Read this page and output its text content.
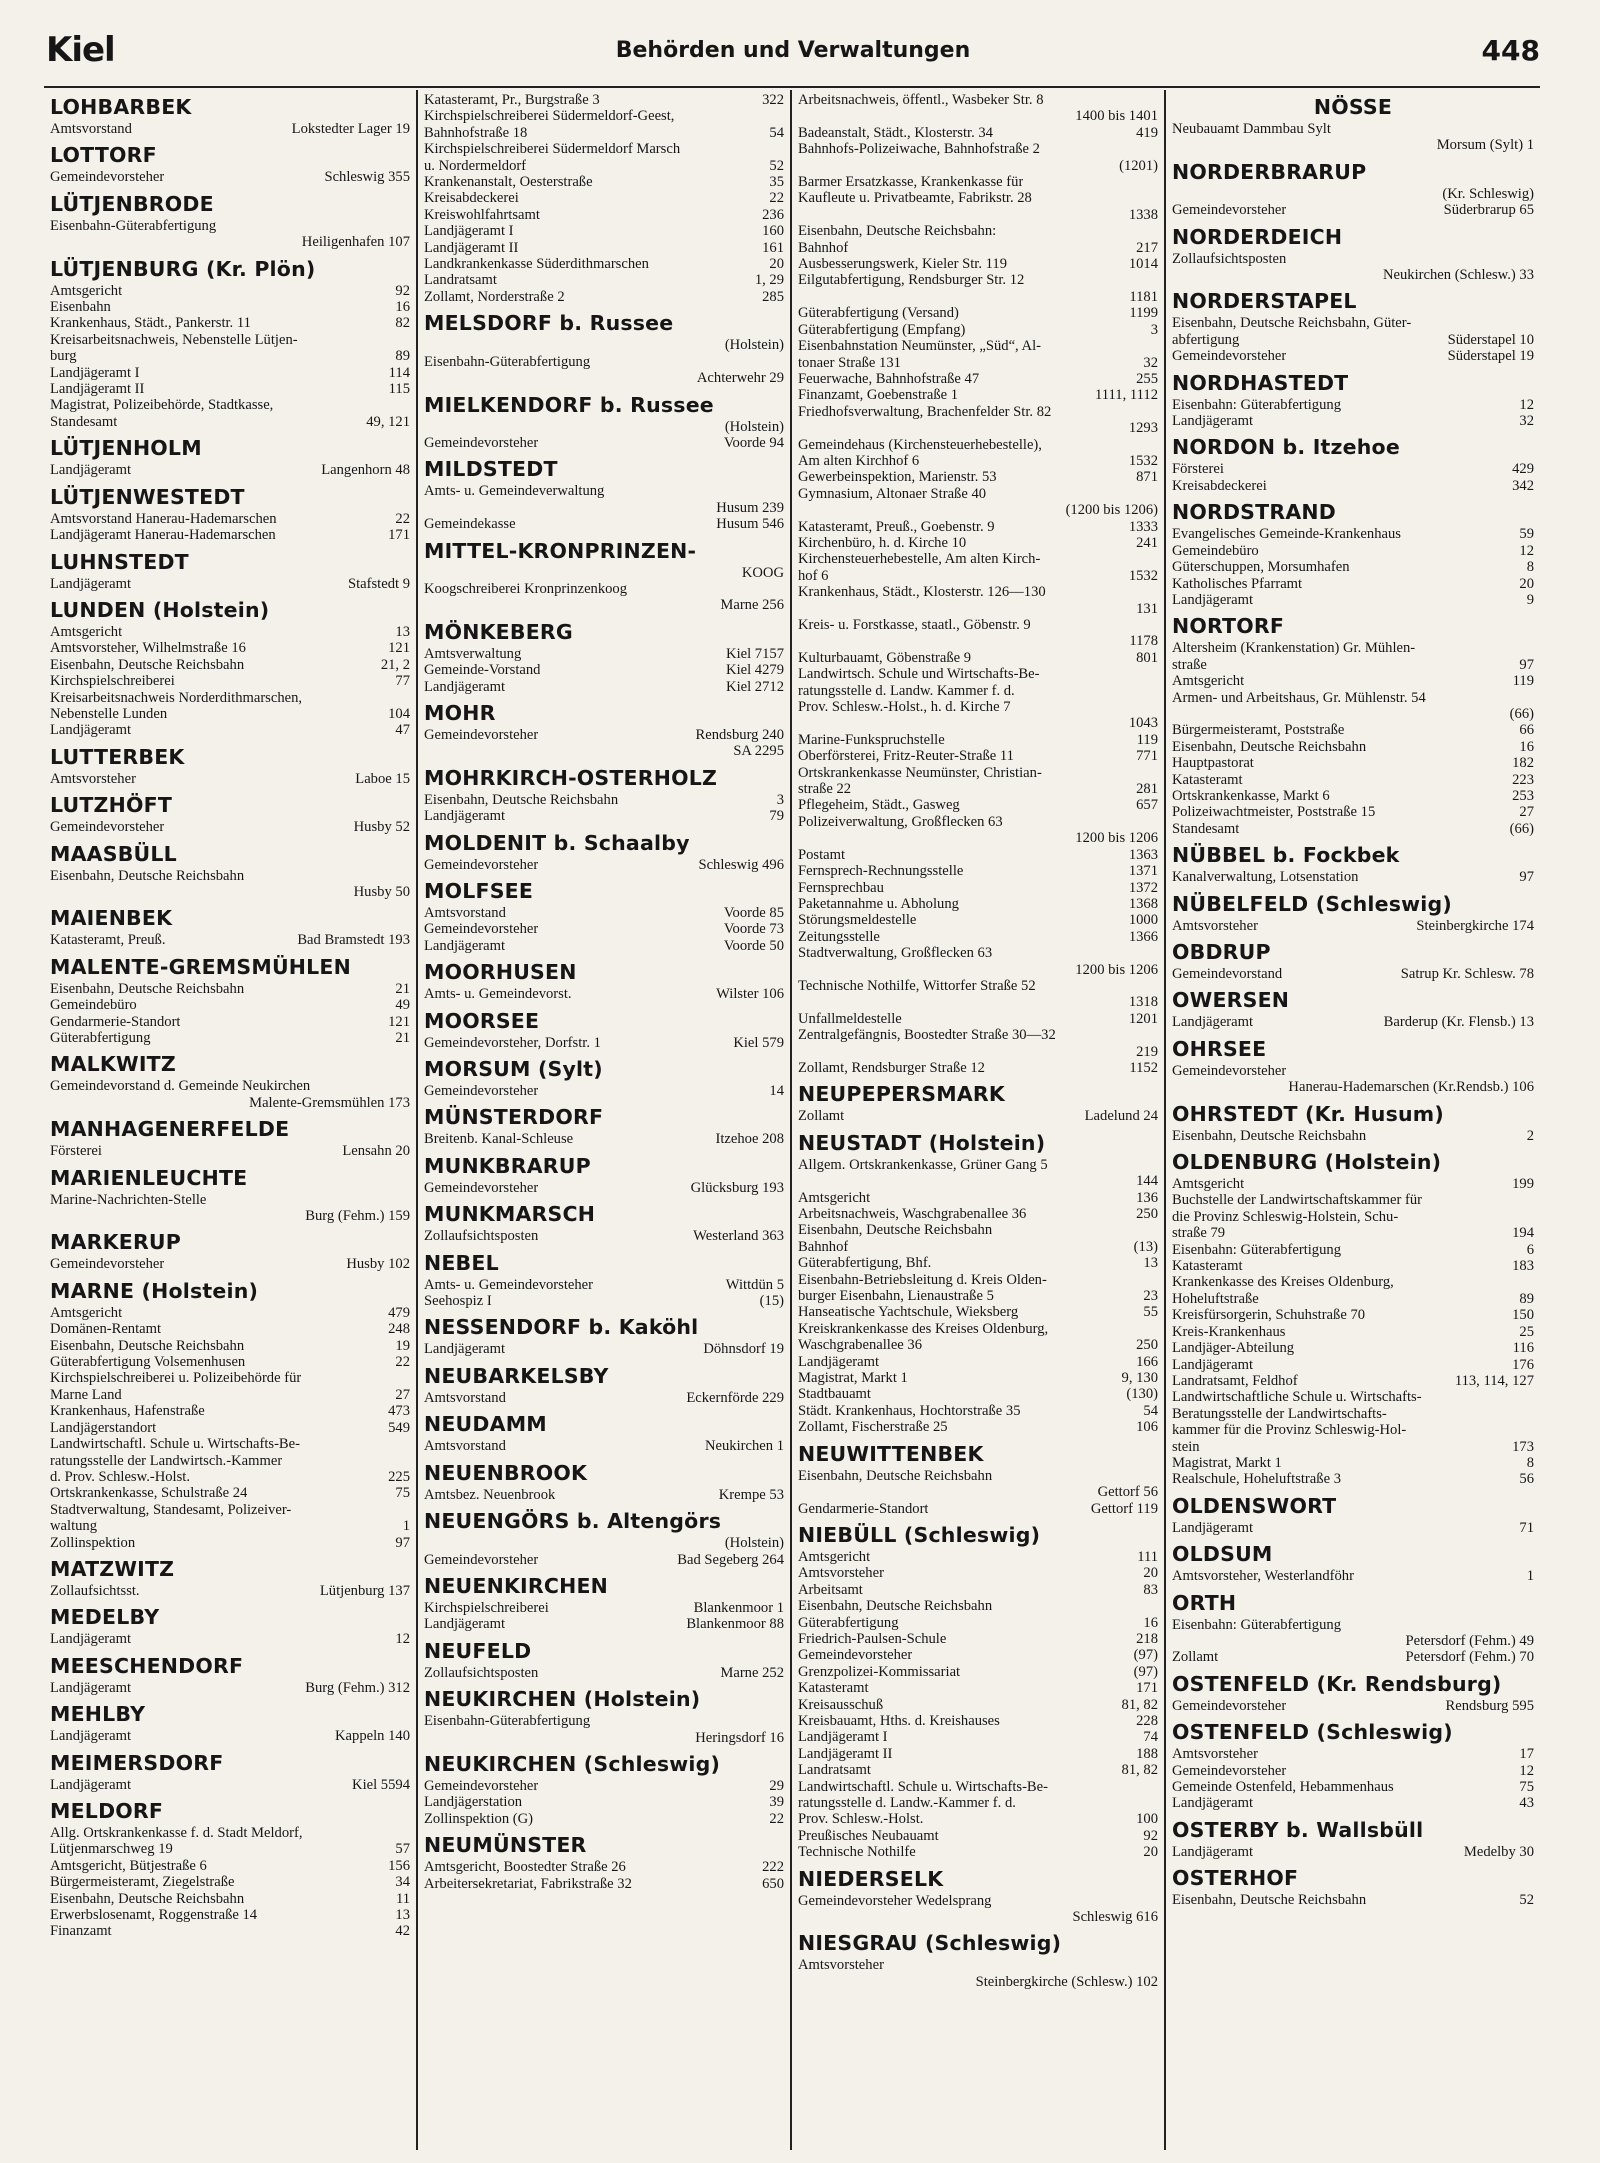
Kiel	Behörden und Verwaltungen	448
LOHBARBEK
Amtsvorstand	Lokstedter Lager 19
LOTTORF
Gemeindevorsteher	Schleswig 355
LÜTJENBRODE
Eisenbahn-Güterabfertigung
Heiligenhafen 107
LÜTJENBURG (Kr. Plön)
Amtsgericht	92
Eisenbahn	16
Krankenhaus, Städt., Pankerstr. 11	82
Kreisarbeitsnachweis, Nebenstelle Lütjen-
burg	89
Landjägeramt I	114
Landjägeramt II	115
Magistrat, Polizeibehörde, Stadtkasse,
Standesamt	49, 121
LÜTJENHOLM
Landjägeramt	Langenhorn 48
LÜTJENWESTEDT
Amtsvorstand Hanerau-Hademarschen	22
Landjägeramt Hanerau-Hademarschen	171
LUHNSTEDT
Landjägeramt	Stafstedt 9
LUNDEN (Holstein)
Amtsgericht	13
Amtsvorsteher, Wilhelmstraße 16	121
Eisenbahn, Deutsche Reichsbahn	21, 2
Kirchspielschreiberei	77
Kreisarbeitsnachweis Norderdithmarschen,
Nebenstelle Lunden	104
Landjägeramt	47
LUTTERBEK
Amtsvorsteher	Laboe 15
LUTZHÖFT
Gemeindevorsteher	Husby 52
MAASBÜLL
Eisenbahn, Deutsche Reichsbahn
Husby 50
MAIENBEK
Katasteramt, Preuß.	Bad Bramstedt 193
MALENTE-GREMSMÜHLEN
Eisenbahn, Deutsche Reichsbahn	21
Gemeindebüro	49
Gendarmerie-Standort	121
Güterabfertigung	21
MALKWITZ
Gemeindevorstand d. Gemeinde Neukirchen
Malente-Gremsmühlen 173
MANHAGENERFELDE
Försterei	Lensahn 20
MARIENLEUCHTE
Marine-Nachrichten-Stelle
Burg (Fehm.) 159
MARKERUP
Gemeindevorsteher	Husby 102
MARNE (Holstein)
Amtsgericht	479
Domänen-Rentamt	248
Eisenbahn, Deutsche Reichsbahn	19
Güterabfertigung Volsemenhusen	22
Kirchspielschreiberei u. Polizeibehörde für
Marne Land	27
Krankenhaus, Hafenstraße	473
Landjägerstandort	549
Landwirtschaftl. Schule u. Wirtschafts-Be-
ratungsstelle der Landwirtsch.-Kammer
d. Prov. Schlesw.-Holst.	225
Ortskrankenkasse, Schulstraße 24	75
Stadtverwaltung, Standesamt, Polizeiver-
waltung	1
Zollinspektion	97
MATZWITZ
Zollaufsichtsst.	Lütjenburg 137
MEDELBY
Landjägeramt	12
MEESCHENDORF
Landjägeramt	Burg (Fehm.) 312
MEHLBY
Landjägeramt	Kappeln 140
MEIMERSDORF
Landjägeramt	Kiel 5594
MELDORF
Allg. Ortskrankenkasse f. d. Stadt Meldorf,
Lütjenmarschweg 19	57
Amtsgericht, Bütjestraße 6	156
Bürgermeisteramt, Ziegelstraße	34
Eisenbahn, Deutsche Reichsbahn	11
Erwerbslosenamt, Roggenstraße 14	13
Finanzamt	42
Katasteramt, Pr., Burgstraße 3	322
Kirchspielschreiberei Südermeldorf-Geest,
Bahnhofstraße 18	54
Kirchspielschreiberei Südermeldorf Marsch
u. Nordermeldorf	52
Krankenanstalt, Oesterstraße	35
Kreisabdeckerei	22
Kreiswohlfahrtsamt	236
Landjägeramt I	160
Landjägeramt II	161
Landkrankenkasse Süderdithmarschen	20
Landratsamt	1, 29
Zollamt, Norderstraße 2	285
MELSDORF b. Russee
(Holstein)
Eisenbahn-Güterabfertigung
Achterwehr 29
MIELKENDORF b. Russee
(Holstein)
Gemeindevorsteher	Voorde 94
MILDSTEDT
Amts- u. Gemeindeverwaltung
Husum 239
Gemeindekasse	Husum 546
MITTEL-KRONPRINZEN-
KOOG
Koogschreiberei Kronprinzenkoog
Marne 256
MÖNKEBERG
Amtsverwaltung	Kiel 7157
Gemeinde-Vorstand	Kiel 4279
Landjägeramt	Kiel 2712
MOHR
Gemeindevorsteher	Rendsburg 240
SA 2295
MOHRKIRCH-OSTERHOLZ
Eisenbahn, Deutsche Reichsbahn	3
Landjägeramt	79
MOLDENIT b. Schaalby
Gemeindevorsteher	Schleswig 496
MOLFSEE
Amtsvorstand	Voorde 85
Gemeindevorsteher	Voorde 73
Landjägeramt	Voorde 50
MOORHUSEN
Amts- u. Gemeindevorst.	Wilster 106
MOORSEE
Gemeindevorsteher, Dorfstr. 1	Kiel 579
MORSUM (Sylt)
Gemeindevorsteher	14
MÜNSTERDORF
Breitenb. Kanal-Schleuse	Itzehoe 208
MUNKBRARUP
Gemeindevorsteher	Glücksburg 193
MUNKMARSCH
Zollaufsichtsposten	Westerland 363
NEBEL
Amts- u. Gemeindevorsteher	Wittdün 5
Seehospiz I	(15)
NESSENDORF b. Kaköhl
Landjägeramt	Döhnsdorf 19
NEUBARKELSBY
Amtsvorstand	Eckernförde 229
NEUDAMM
Amtsvorstand	Neukirchen 1
NEUENBROOK
Amtsbez. Neuenbrook	Krempe 53
NEUENGÖRS b. Altengörs
(Holstein)
Gemeindevorsteher	Bad Segeberg 264
NEUENKIRCHEN
Kirchspielschreiberei	Blankenmoor 1
Landjägeramt	Blankenmoor 88
NEUFELD
Zollaufsichtsposten	Marne 252
NEUKIRCHEN (Holstein)
Eisenbahn-Güterabfertigung
Heringsdorf 16
NEUKIRCHEN (Schleswig)
Gemeindevorsteher	29
Landjägerstation	39
Zollinspektion (G)	22
NEUMÜNSTER
Amtsgericht, Boostedter Straße 26	222
Arbeitersekretariat, Fabrikstraße 32	650
Arbeitsnachweis, öffentl., Wasbeker Str. 8
1400 bis 1401
Badeanstalt, Städt., Klosterstr. 34	419
Bahnhofs-Polizeiwache, Bahnhofstraße 2
(1201)
Barmer Ersatzkasse, Krankenkasse für
Kaufleute u. Privatbeamte, Fabrikstr. 28
1338
Eisenbahn, Deutsche Reichsbahn:
Bahnhof	217
Ausbesserungswerk, Kieler Str. 119	1014
Eilgutabfertigung, Rendsburger Str. 12
1181
Güterabfertigung (Versand)	1199
Güterabfertigung (Empfang)	3
Eisenbahnstation Neumünster, „Süd“, Al-
tonaer Straße 131	32
Feuerwache, Bahnhofstraße 47	255
Finanzamt, Goebenstraße 1	1111, 1112
Friedhofsverwaltung, Brachenfelder Str. 82
1293
Gemeindehaus (Kirchensteuerhebestelle),
Am alten Kirchhof 6	1532
Gewerbeinspektion, Marienstr. 53	871
Gymnasium, Altonaer Straße 40
(1200 bis 1206)
Katasteramt, Preuß., Goebenstr. 9	1333
Kirchenbüro, h. d. Kirche 10	241
Kirchensteuerhebestelle, Am alten Kirch-
hof 6	1532
Krankenhaus, Städt., Klosterstr. 126—130
131
Kreis- u. Forstkasse, staatl., Göbenstr. 9
1178
Kulturbauamt, Göbenstraße 9	801
Landwirtsch. Schule und Wirtschafts-Be-
ratungsstelle d. Landw. Kammer f. d.
Prov. Schlesw.-Holst., h. d. Kirche 7
1043
Marine-Funkspruchstelle	119
Oberförsterei, Fritz-Reuter-Straße 11	771
Ortskrankenkasse Neumünster, Christian-
straße 22	281
Pflegeheim, Städt., Gasweg	657
Polizeiverwaltung, Großflecken 63
1200 bis 1206
Postamt	1363
Fernsprech-Rechnungsstelle	1371
Fernsprechbau	1372
Paketannahme u. Abholung	1368
Störungsmeldestelle	1000
Zeitungsstelle	1366
Stadtverwaltung, Großflecken 63
1200 bis 1206
Technische Nothilfe, Wittorfer Straße 52
1318
Unfallmeldestelle	1201
Zentralgefängnis, Boostedter Straße 30—32
219
Zollamt, Rendsburger Straße 12	1152
NEUPEPERSMARK
Zollamt	Ladelund 24
NEUSTADT (Holstein)
Allgem. Ortskrankenkasse, Grüner Gang 5
144
Amtsgericht	136
Arbeitsnachweis, Waschgrabenallee 36	250
Eisenbahn, Deutsche Reichsbahn
Bahnhof	(13)
Güterabfertigung, Bhf.	13
Eisenbahn-Betriebsleitung d. Kreis Olden-
burger Eisenbahn, Lienaustraße 5	23
Hanseatische Yachtschule, Wieksberg	55
Kreiskrankenkasse des Kreises Oldenburg,
Waschgrabenallee 36	250
Landjägeramt	166
Magistrat, Markt 1	9, 130
Stadtbauamt	(130)
Städt. Krankenhaus, Hochtorstraße 35	54
Zollamt, Fischerstraße 25	106
NEUWITTENBEK
Eisenbahn, Deutsche Reichsbahn
Gettorf 56
Gendarmerie-Standort	Gettorf 119
NIEBÜLL (Schleswig)
Amtsgericht	111
Amtsvorsteher	20
Arbeitsamt	83
Eisenbahn, Deutsche Reichsbahn
Güterabfertigung	16
Friedrich-Paulsen-Schule	218
Gemeindevorsteher	(97)
Grenzpolizei-Kommissariat	(97)
Katasteramt	171
Kreisausschuß	81, 82
Kreisbauamt, Hths. d. Kreishauses	228
Landjägeramt I	74
Landjägeramt II	188
Landratsamt	81, 82
Landwirtschaftl. Schule u. Wirtschafts-Be-
ratungsstelle d. Landw.-Kammer f. d.
Prov. Schlesw.-Holst.	100
Preußisches Neubauamt	92
Technische Nothilfe	20
NIEDERSELK
Gemeindevorsteher Wedelsprang
Schleswig 616
NIESGRAU (Schleswig)
Amtsvorsteher
Steinbergkirche (Schlesw.) 102
NÖSSE
Neubauamt Dammbau Sylt
Morsum (Sylt) 1
NORDERBRARUP
(Kr. Schleswig)
Gemeindevorsteher	Süderbrarup 65
NORDERDEICH
Zollaufsichtsposten
Neukirchen (Schlesw.) 33
NORDERSTAPEL
Eisenbahn, Deutsche Reichsbahn, Güter-
abfertigung	Süderstapel 10
Gemeindevorsteher	Süderstapel 19
NORDHASTEDT
Eisenbahn: Güterabfertigung	12
Landjägeramt	32
NORDON b. Itzehoe
Försterei	429
Kreisabdeckerei	342
NORDSTRAND
Evangelisches Gemeinde-Krankenhaus	59
Gemeindebüro	12
Güterschuppen, Morsumhafen	8
Katholisches Pfarramt	20
Landjägeramt	9
NORTORF
Altersheim (Krankenstation) Gr. Mühlen-
straße	97
Amtsgericht	119
Armen- und Arbeitshaus, Gr. Mühlenstr. 54
(66)
Bürgermeisteramt, Poststraße	66
Eisenbahn, Deutsche Reichsbahn	16
Hauptpastorat	182
Katasteramt	223
Ortskrankenkasse, Markt 6	253
Polizeiwachtmeister, Poststraße 15	27
Standesamt	(66)
NÜBBEL b. Fockbek
Kanalverwaltung, Lotsenstation	97
NÜBELFELD (Schleswig)
Amtsvorsteher	Steinbergkirche 174
OBDRUP
Gemeindevorstand	Satrup Kr. Schlesw. 78
OWERSEN
Landjägeramt	Barderup (Kr. Flensb.) 13
OHRSEE
Gemeindevorsteher
Hanerau-Hademarschen (Kr.Rendsb.) 106
OHRSTEDT (Kr. Husum)
Eisenbahn, Deutsche Reichsbahn	2
OLDENBURG (Holstein)
Amtsgericht	199
Buchstelle der Landwirtschaftskammer für
die Provinz Schleswig-Holstein, Schu-
straße 79	194
Eisenbahn: Güterabfertigung	6
Katasteramt	183
Krankenkasse des Kreises Oldenburg,
Hoheluftstraße	89
Kreisfürsorgerin, Schuhstraße 70	150
Kreis-Krankenhaus	25
Landjäger-Abteilung	116
Landjägeramt	176
Landratsamt, Feldhof	113, 114, 127
Landwirtschaftliche Schule u. Wirtschafts-
Beratungsstelle der Landwirtschafts-
kammer für die Provinz Schleswig-Hol-
stein	173
Magistrat, Markt 1	8
Realschule, Hoheluftstraße 3	56
OLDENSWORT
Landjägeramt	71
OLDSUM
Amtsvorsteher, Westerlandföhr	1
ORTH
Eisenbahn: Güterabfertigung
Petersdorf (Fehm.) 49
Zollamt	Petersdorf (Fehm.) 70
OSTENFELD (Kr. Rendsburg)
Gemeindevorsteher	Rendsburg 595
OSTENFELD (Schleswig)
Amtsvorsteher	17
Gemeindevorsteher	12
Gemeinde Ostenfeld, Hebammenhaus	75
Landjägeramt	43
OSTERBY b. Wallsbüll
Landjägeramt	Medelby 30
OSTERHOF
Eisenbahn, Deutsche Reichsbahn	52
